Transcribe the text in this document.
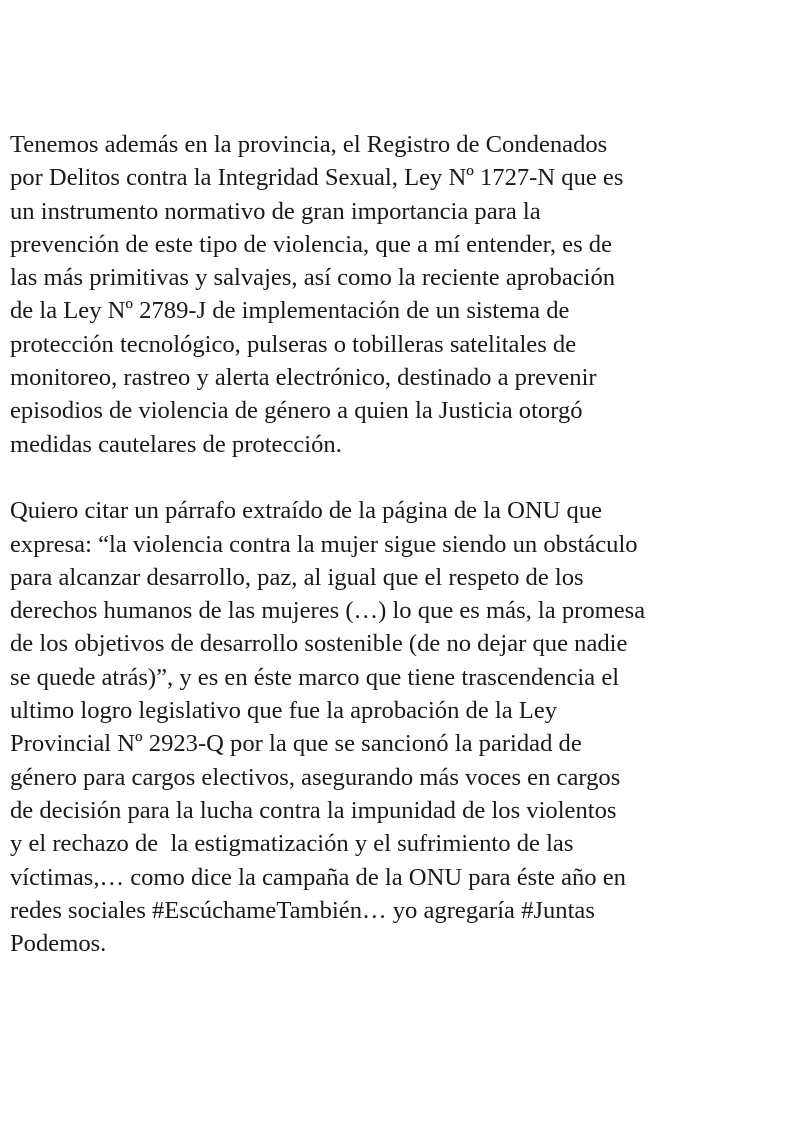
Tenemos además en la provincia, el Registro de Condenados
por Delitos contra la Integridad Sexual, Ley Nº 1727-N que es
un instrumento normativo de gran importancia para la
prevención de este tipo de violencia, que a mí entender, es de
las más primitivas y salvajes, así como la reciente aprobación
de la Ley Nº 2789-J de implementación de un sistema de
protección tecnológico, pulseras o tobilleras satelitales de
monitoreo, rastreo y alerta electrónico, destinado a prevenir
episodios de violencia de género a quien la Justicia otorgó
medidas cautelares de protección.
Quiero citar un párrafo extraído de la página de la ONU que
expresa: “la violencia contra la mujer sigue siendo un obstáculo
para alcanzar desarrollo, paz, al igual que el respeto de los
derechos humanos de las mujeres (…) lo que es más, la promesa
de los objetivos de desarrollo sostenible (de no dejar que nadie
se quede atrás)”, y es en éste marco que tiene trascendencia el
ultimo logro legislativo que fue la aprobación de la Ley
Provincial Nº 2923-Q por la que se sancionó la paridad de
género para cargos electivos, asegurando más voces en cargos
de decisión para la lucha contra la impunidad de los violentos
y el rechazo de  la estigmatización y el sufrimiento de las
víctimas,… como dice la campaña de la ONU para éste año en
redes sociales #EscúchameTambién… yo agregaría #Juntas
Podemos.
